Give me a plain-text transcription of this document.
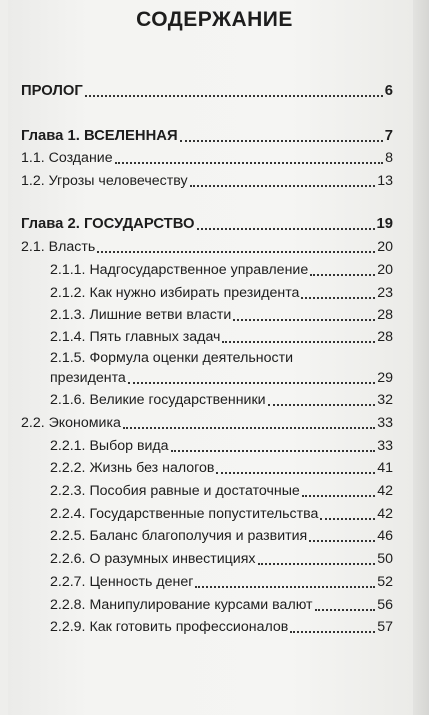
СОДЕРЖАНИЕ
ПРОЛОГ	6
Глава 1. ВСЕЛЕННАЯ	7
1.1. Создание	8
1.2. Угрозы человечеству	13
Глава 2. ГОСУДАРСТВО	19
2.1. Власть	20
2.1.1. Надгосударственное управление	20
2.1.2. Как нужно избирать президента	23
2.1.3. Лишние ветви власти	28
2.1.4. Пять главных задач	28
2.1.5. Формула оценки деятельности
президента	29
2.1.6. Великие государственники	32
2.2. Экономика	33
2.2.1. Выбор вида	33
2.2.2. Жизнь без налогов	41
2.2.3. Пособия равные и достаточные	42
2.2.4. Государственные попустительства	42
2.2.5. Баланс благополучия и развития	46
2.2.6. О разумных инвестициях	50
2.2.7. Ценность денег	52
2.2.8. Манипулирование курсами валют	56
2.2.9. Как готовить профессионалов	57
